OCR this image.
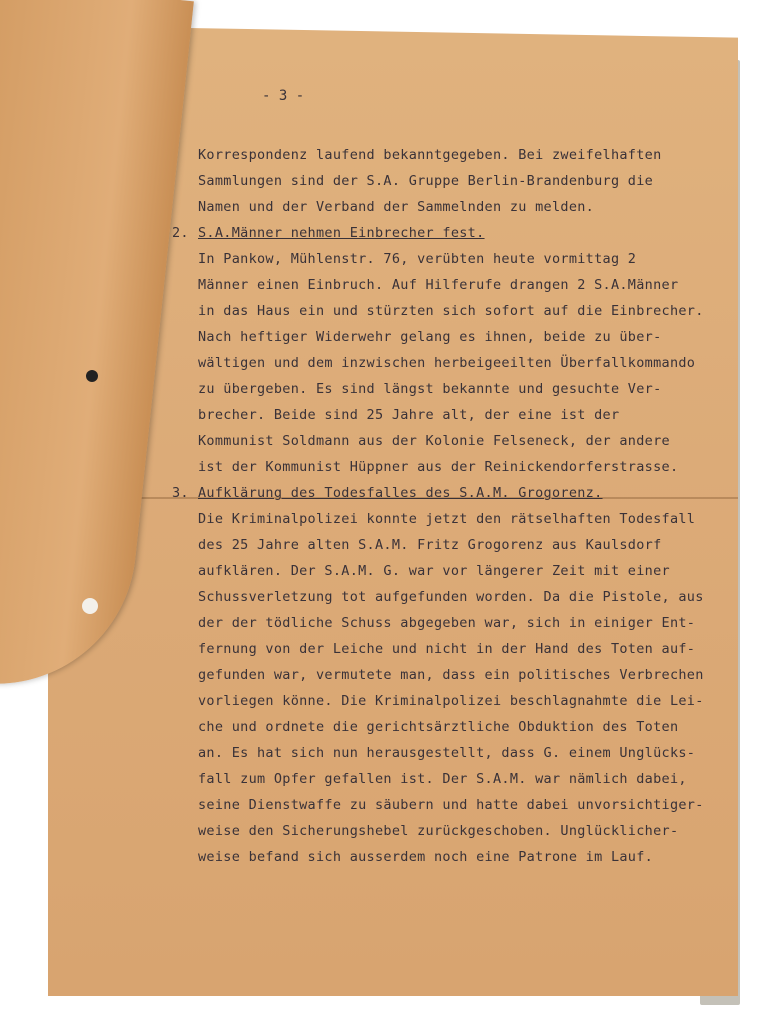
- 3 -
Korrespondenz laufend bekanntgegeben. Bei zweifelhaften
Sammlungen sind der S.A. Gruppe Berlin-Brandenburg die
Namen und der Verband der Sammelnden zu melden.
2. S.A.Männer nehmen Einbrecher fest.
In Pankow, Mühlenstr. 76, verübten heute vormittag 2
Männer einen Einbruch. Auf Hilferufe drangen 2 S.A.Männer
in das Haus ein und stürzten sich sofort auf die Einbrecher.
Nach heftiger Widerwehr gelang es ihnen, beide zu über-
wältigen und dem inzwischen herbeigeeilten Überfallkommando
zu übergeben. Es sind längst bekannte und gesuchte Ver-
brecher. Beide sind 25 Jahre alt, der eine ist der
Kommunist Soldmann aus der Kolonie Felseneck, der andere
ist der Kommunist Hüppner aus der Reinickendorferstrasse.
3. Aufklärung des Todesfalles des S.A.M. Grogorenz.
Die Kriminalpolizei konnte jetzt den rätselhaften Todesfall
des 25 Jahre alten S.A.M. Fritz Grogorenz aus Kaulsdorf
aufklären. Der S.A.M. G. war vor längerer Zeit mit einer
Schussverletzung tot aufgefunden worden. Da die Pistole, aus
der der tödliche Schuss abgegeben war, sich in einiger Ent-
fernung von der Leiche und nicht in der Hand des Toten auf-
gefunden war, vermutete man, dass ein politisches Verbrechen
vorliegen könne. Die Kriminalpolizei beschlagnahmte die Lei-
che und ordnete die gerichtsärztliche Obduktion des Toten
an. Es hat sich nun herausgestellt, dass G. einem Unglücks-
fall zum Opfer gefallen ist. Der S.A.M. war nämlich dabei,
seine Dienstwaffe zu säubern und hatte dabei unvorsichtiger-
weise den Sicherungshebel zurückgeschoben. Unglücklicher-
weise befand sich ausserdem noch eine Patrone im Lauf.
